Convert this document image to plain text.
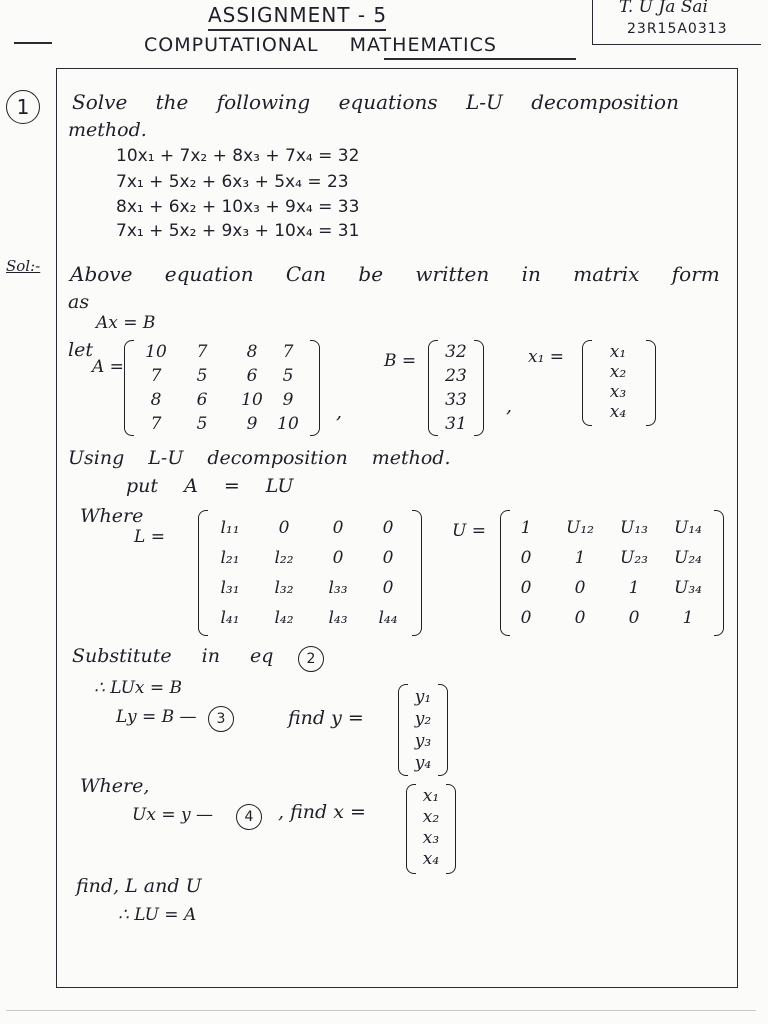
ASSIGNMENT - 5
COMPUTATIONAL MATHEMATICS
T. U Ja Sai
23R15A0313
1	Solve the following equations L-U decomposition
method.
10x₁ + 7x₂ + 8x₃ + 7x₄ = 32
7x₁ + 5x₂ + 6x₃ + 5x₄ = 23
8x₁ + 6x₂ + 10x₃ + 9x₄ = 33
7x₁ + 5x₂ + 9x₃ + 10x₄ = 31
Sol:- Above equation Can be written in matrix form
as
Ax = B
let
A =
10	7	8	7
7	5	6	5
8	6	10	9
7	5	9	10
,
B =	32
23
33
31
,
x₁ =	x₁
x₂
x₃
x₄
Using L-U decomposition method.
put A = LU
Where
L =	l₁₁	0	0	0
l₂₁	l₂₂	0	0
l₃₁	l₃₂	l₃₃	0
l₄₁	l₄₂	l₄₃	l₄₄
U =	1	U₁₂	U₁₃	U₁₄
0	1	U₂₃	U₂₄
0	0	1	U₃₄
0	0	0	1
Substitute in eq	2
∴ LUx = B
Ly = B —	3	find y =
y₁
y₂
y₃
y₄
Where,
Ux = y —	4	, find x =
x₁
x₂
x₃
x₄
find, L and U
∴ LU = A
